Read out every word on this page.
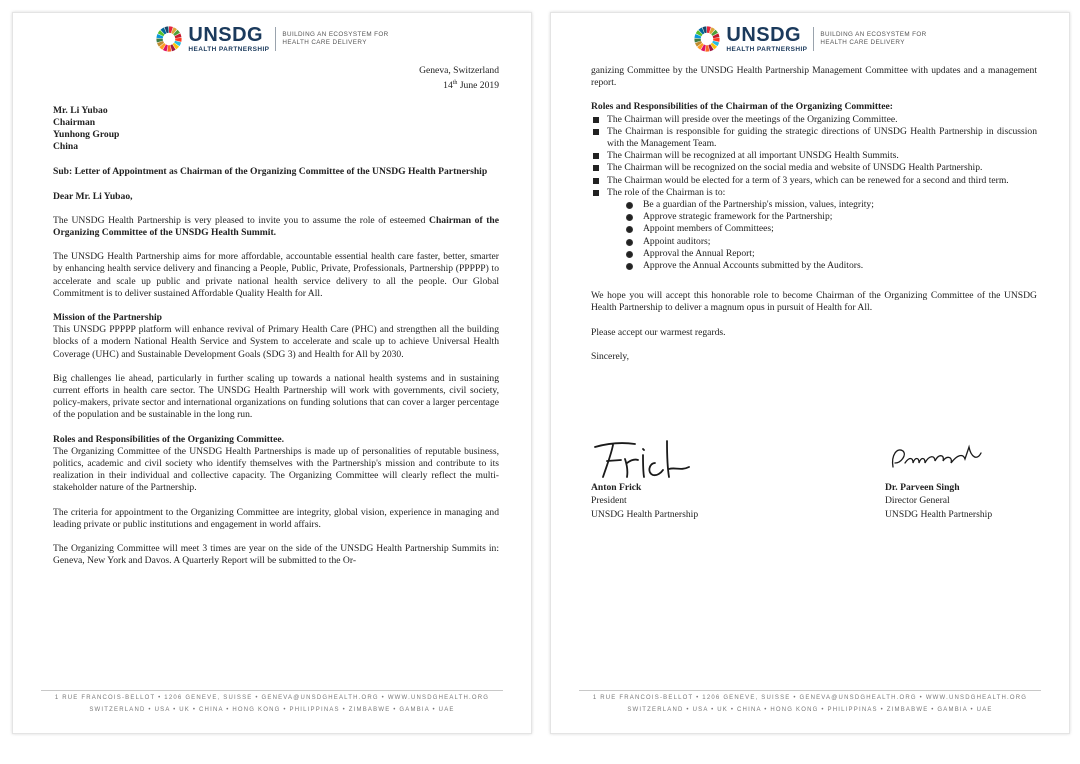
UNSDG
HEALTH PARTNERSHIP
BUILDING AN ECOSYSTEM FOR
HEALTH CARE DELIVERY
Geneva, Switzerland
14th June 2019
Mr. Li Yubao
Chairman
Yunhong Group
China

Sub: Letter of Appointment as Chairman of the Organizing Committee of the UNSDG Health Partnership

Dear Mr. Li Yubao,

The UNSDG Health Partnership is very pleased to invite you to assume the role of esteemed Chairman of the Organizing Committee of the UNSDG Health Summit.

The UNSDG Health Partnership aims for more affordable, accountable essential health care faster, better, smarter by enhancing health service delivery and financing a People, Public, Private, Professionals, Partnership (PPPPP) to accelerate and scale up public and private national health service delivery to all the people. Our Global Commitment is to deliver sustained Affordable Quality Health for All.

Mission of the Partnership
This UNSDG PPPPP platform will enhance revival of Primary Health Care (PHC) and strengthen all the building blocks of a modern National Health Service and System to accelerate and scale up to achieve Universal Health Coverage (UHC) and Sustainable Development Goals (SDG 3) and Health for All by 2030.

Big challenges lie ahead, particularly in further scaling up towards a national health systems and in sustaining current efforts in health care sector. The UNSDG Health Partnership will work with governments, civil society, policy-makers, private sector and international organizations on funding solutions that can cover a larger percentage of the population and be sustainable in the long run.

Roles and Responsibilities of the Organizing Committee.
The Organizing Committee of the UNSDG Health Partnerships is made up of personalities of reputable business, politics, academic and civil society who identify themselves with the Partnership's mission and contribute to its realization in their individual and collective capacity. The Organizing Committee will clearly reflect the multi-stakeholder nature of the Partnership.

The criteria for appointment to the Organizing Committee are integrity, global vision, experience in managing and leading private or public institutions and engagement in world affairs.

The Organizing Committee will meet 3 times are year on the side of the UNSDG Health Partnership Summits in: Geneva, New York and Davos. A Quarterly Report will be submitted to the Or-

1 RUE FRANCOIS-BELLOT • 1206 GENEVE, SUISSE • GENEVA@UNSDGHEALTH.ORG • WWW.UNSDGHEALTH.ORG
SWITZERLAND • USA • UK • CHINA • HONG KONG • PHILIPPINAS • ZIMBABWE • GAMBIA • UAE
UNSDG
HEALTH PARTNERSHIP
BUILDING AN ECOSYSTEM FOR
HEALTH CARE DELIVERY

ganizing Committee by the UNSDG Health Partnership Management Committee with updates and a management report.

Roles and Responsibilities of the Chairman of the Organizing Committee:

The Chairman will preside over the meetings of the Organizing Committee.
The Chairman is responsible for guiding the strategic directions of UNSDG Health Partnership in discussion with the Management Team.
The Chairman will be recognized at all important UNSDG Health Summits.
The Chairman will be recognized on the social media and website of UNSDG Health Partnership.
The Chairman would be elected for a term of 3 years, which can be renewed for a second and third term.
The role of the Chairman is to:
Be a guardian of the Partnership's mission, values, integrity;
Approve strategic framework for the Partnership;
Appoint members of Committees;
Appoint auditors;
Approval the Annual Report;
Approve the Annual Accounts submitted by the Auditors.

We hope you will accept this honorable role to become Chairman of the Organizing Committee of the UNSDG Health Partnership to deliver a magnum opus in pursuit of Health for All.

Please accept our warmest regards.

Sincerely,

Anton Frick
President
UNSDG Health Partnership
Dr. Parveen Singh
Director General
UNSDG Health Partnership
1 RUE FRANCOIS-BELLOT • 1206 GENEVE, SUISSE • GENEVA@UNSDGHEALTH.ORG • WWW.UNSDGHEALTH.ORG
SWITZERLAND • USA • UK • CHINA • HONG KONG • PHILIPPINAS • ZIMBABWE • GAMBIA • UAE
